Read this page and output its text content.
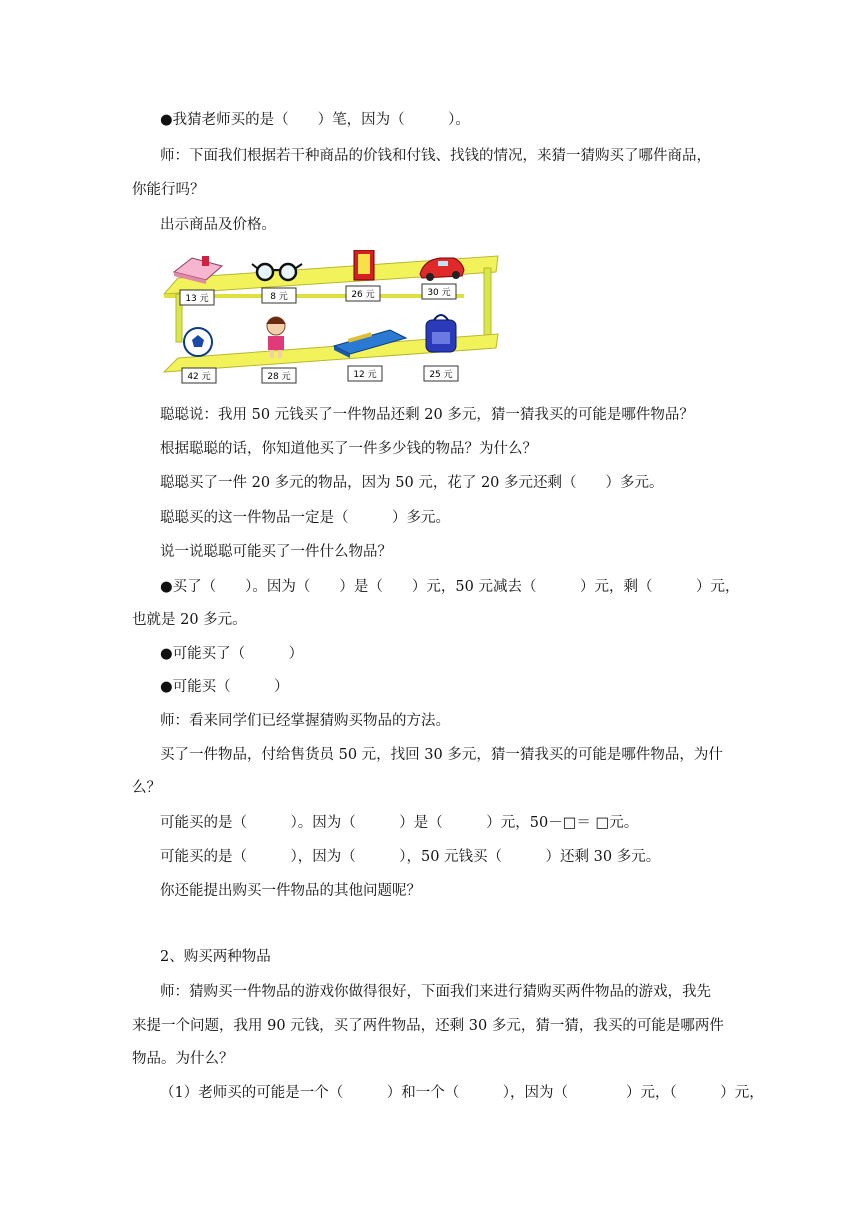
●我猜老师买的是（　　）笔，因为（　　　）。
师：下面我们根据若干种商品的价钱和付钱、找钱的情况，来猜一猜购买了哪件商品，
你能行吗？
出示商品及价格。
13 元	8 元	26 元	30 元
42 元	28 元	12 元	25 元
聪聪说：我用 50 元钱买了一件物品还剩 20 多元，猜一猜我买的可能是哪件物品？
根据聪聪的话，你知道他买了一件多少钱的物品？为什么？
聪聪买了一件 20 多元的物品，因为 50 元，花了 20 多元还剩（　　）多元。
聪聪买的这一件物品一定是（　　　）多元。
说一说聪聪可能买了一件什么物品？
●买了（　　）。因为（　　）是（　　）元，50 元减去（　　　）元，剩（　　　）元，
也就是 20 多元。
●可能买了（　　　）
●可能买（　　　）
师：看来同学们已经掌握猜购买物品的方法。
买了一件物品，付给售货员 50 元，找回 30 多元，猜一猜我买的可能是哪件物品，为什
么？
可能买的是（　　　）。因为（　　　）是（　　　）元，50－□＝ □元。
可能买的是（　　　），因为（　　　），50 元钱买（　　　）还剩 30 多元。
你还能提出购买一件物品的其他问题呢？
2、购买两种物品
师：猜购买一件物品的游戏你做得很好，下面我们来进行猜购买两件物品的游戏，我先
来提一个问题，我用 90 元钱，买了两件物品，还剩 30 多元，猜一猜，我买的可能是哪两件
物品。为什么？
（1）老师买的可能是一个（　　　）和一个（　　　），因为（　　　　）元，（　　　）元，
